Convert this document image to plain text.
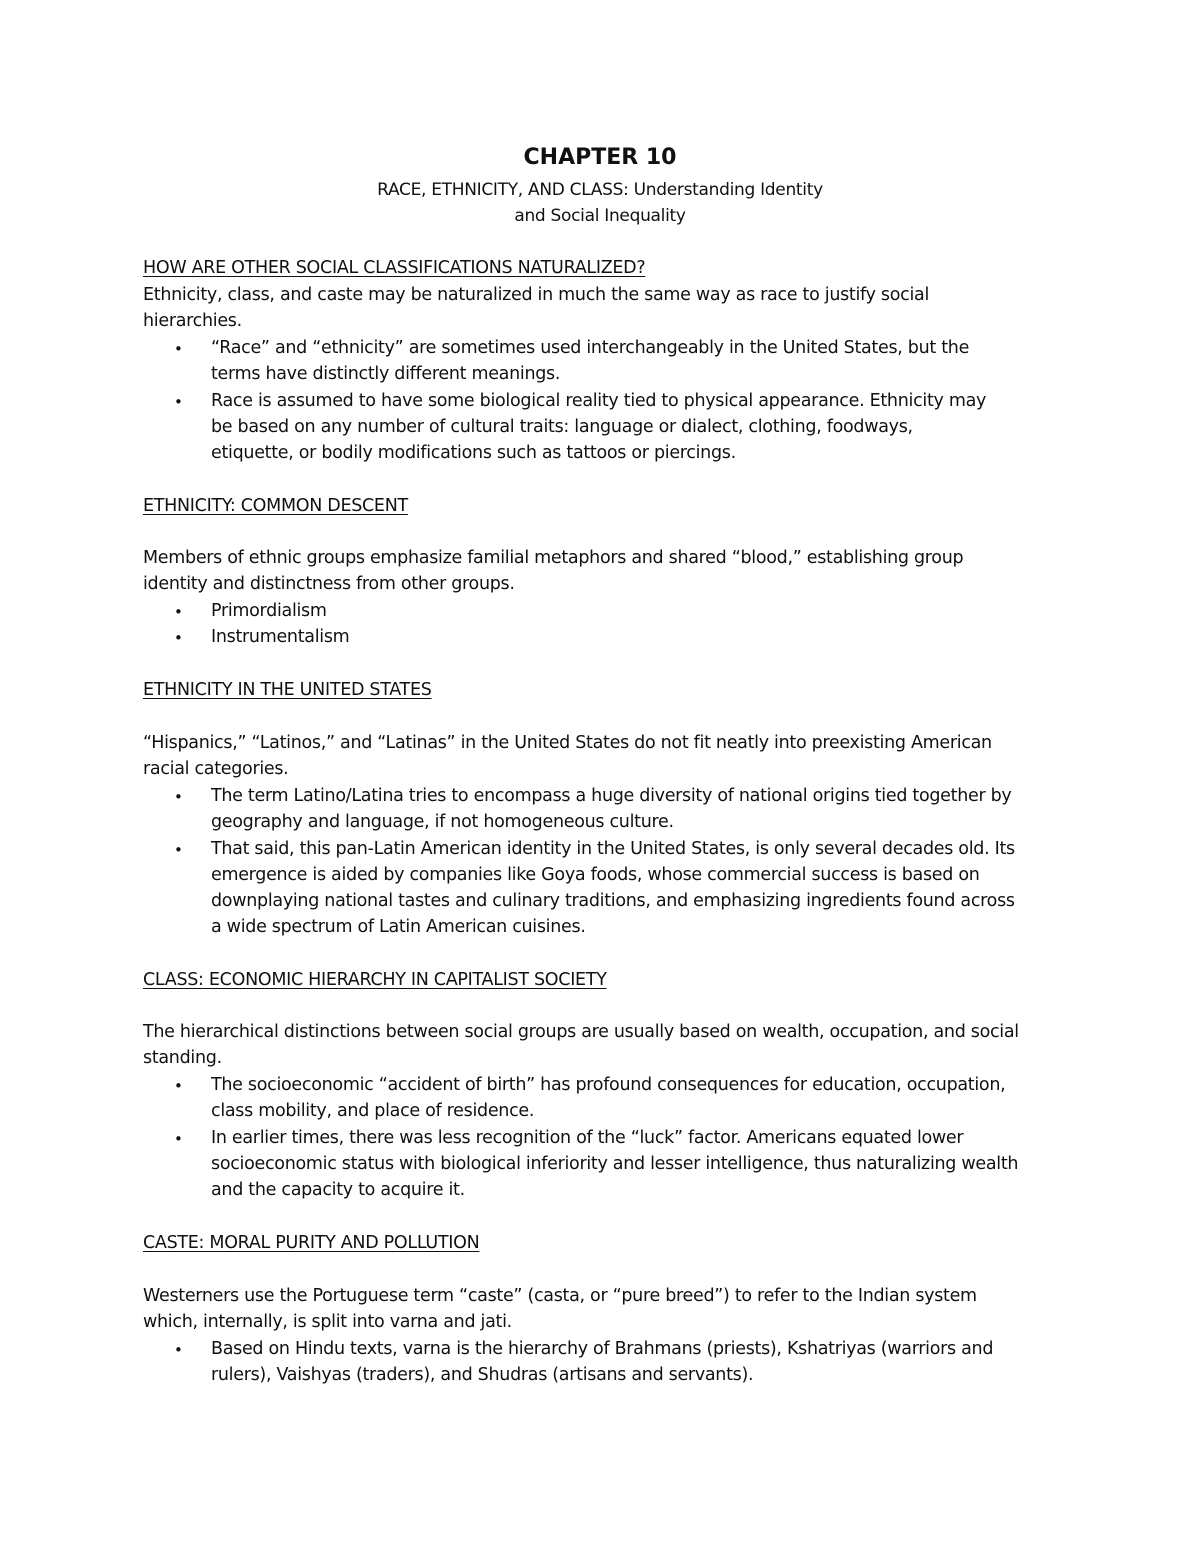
CHAPTER 10
RACE, ETHNICITY, AND CLASS: Understanding Identity
and Social Inequality
HOW ARE OTHER SOCIAL CLASSIFICATIONS NATURALIZED?
Ethnicity, class, and caste may be naturalized in much the same way as race to justify social
hierarchies.
• “Race” and “ethnicity” are sometimes used interchangeably in the United States, but the
terms have distinctly different meanings.
• Race is assumed to have some biological reality tied to physical appearance. Ethnicity may
be based on any number of cultural traits: language or dialect, clothing, foodways,
etiquette, or bodily modifications such as tattoos or piercings.
ETHNICITY: COMMON DESCENT
Members of ethnic groups emphasize familial metaphors and shared “blood,” establishing group
identity and distinctness from other groups.
• Primordialism
• Instrumentalism
ETHNICITY IN THE UNITED STATES
“Hispanics,” “Latinos,” and “Latinas” in the United States do not fit neatly into preexisting American
racial categories.
• The term Latino/Latina tries to encompass a huge diversity of national origins tied together by
geography and language, if not homogeneous culture.
• That said, this pan-Latin American identity in the United States, is only several decades old. Its
emergence is aided by companies like Goya foods, whose commercial success is based on
downplaying national tastes and culinary traditions, and emphasizing ingredients found across
a wide spectrum of Latin American cuisines.
CLASS: ECONOMIC HIERARCHY IN CAPITALIST SOCIETY
The hierarchical distinctions between social groups are usually based on wealth, occupation, and social
standing.
• The socioeconomic “accident of birth” has profound consequences for education, occupation,
class mobility, and place of residence.
• In earlier times, there was less recognition of the “luck” factor. Americans equated lower
socioeconomic status with biological inferiority and lesser intelligence, thus naturalizing wealth
and the capacity to acquire it.
CASTE: MORAL PURITY AND POLLUTION
Westerners use the Portuguese term “caste” (casta, or “pure breed”) to refer to the Indian system
which, internally, is split into varna and jati.
• Based on Hindu texts, varna is the hierarchy of Brahmans (priests), Kshatriyas (warriors and
rulers), Vaishyas (traders), and Shudras (artisans and servants).
